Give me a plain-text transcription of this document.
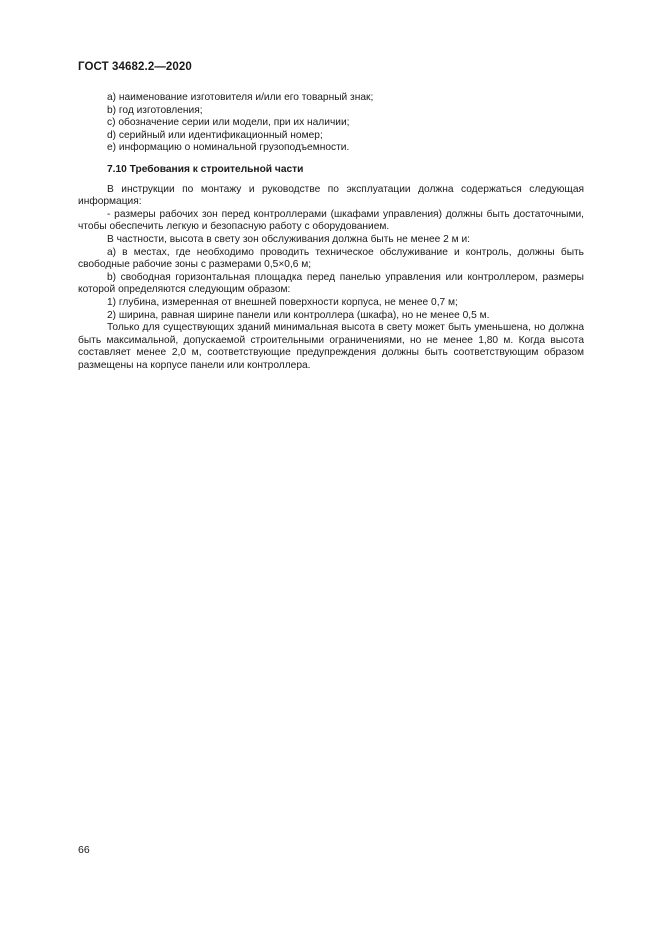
ГОСТ 34682.2—2020

a) наименование изготовителя и/или его товарный знак;

b) год изготовления;

c) обозначение серии или модели, при их наличии;

d) серийный или идентификационный номер;

e) информацию о номинальной грузоподъемности.

7.10 Требования к строительной части

В инструкции по монтажу и руководстве по эксплуатации должна содержаться следующая информация:

- размеры рабочих зон перед контроллерами (шкафами управления) должны быть достаточными, чтобы обеспечить легкую и безопасную работу с оборудованием.

В частности, высота в свету зон обслуживания должна быть не менее 2 м и:

a) в местах, где необходимо проводить техническое обслуживание и контроль, должны быть свободные рабочие зоны с размерами 0,5×0,6 м;

b) свободная горизонтальная площадка перед панелью управления или контроллером, размеры которой определяются следующим образом:

1) глубина, измеренная от внешней поверхности корпуса, не менее 0,7 м;

2) ширина, равная ширине панели или контроллера (шкафа), но не менее 0,5 м.

Только для существующих зданий минимальная высота в свету может быть уменьшена, но должна быть максимальной, допускаемой строительными ограничениями, но не менее 1,80 м. Когда высота составляет менее 2,0 м, соответствующие предупреждения должны быть соответствующим образом размещены на корпусе панели или контроллера.

66
